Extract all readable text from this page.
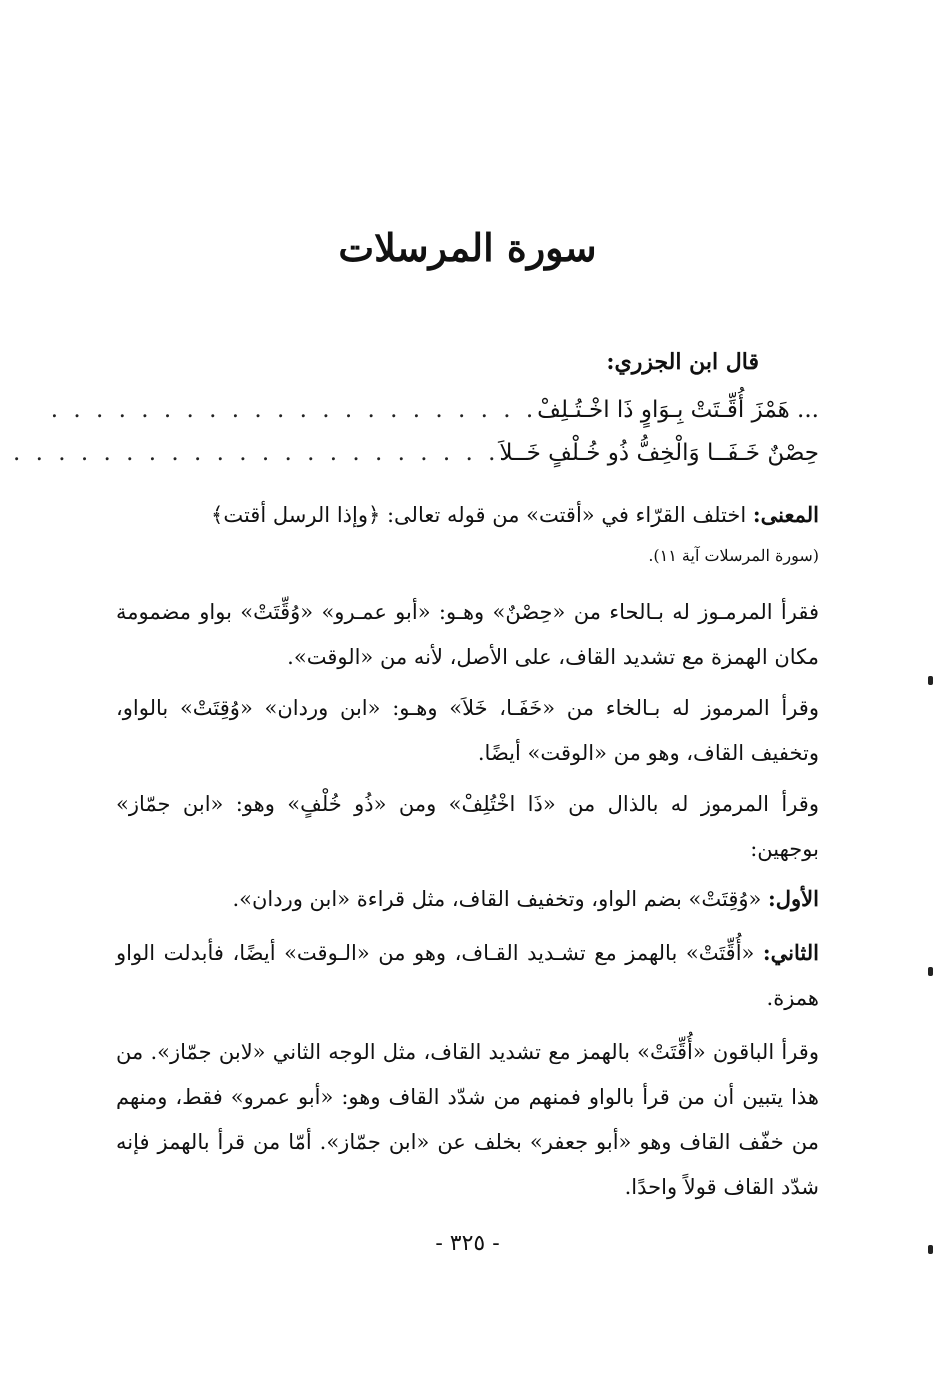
سورة المرسلات
قال ابن الجزري:
... هَمْزَ أُقِّـتَتْ بِـوَاوٍ ذَا اخْـتُـلِفْ
. . . . . . . . . . . . . . . . . . . . . .
حِصْنٌ خَـفَــا وَالْخِفُّ ذُو خُـلْفٍ خَــلاَ
. . . . . . . . . . . . . . . . . . . . . .
المعنى: اختلف القرّاء في «أقتت» من قوله تعالى: ﴿وإذا الرسل أقتت﴾
(سورة المرسلات آية ١١).
فقرأ المرمـوز له بـالحاء من «حِصْنٌ» وهـو: «أبو عمـرو» «وُقِّتَتْ» بواو مضمومة مكان الهمزة مع تشديد القاف، على الأصل، لأنه من «الوقت».
وقرأ المرموز له بـالخاء من «خَفَـا، خَلاَ» وهـو: «ابن وردان» «وُقِتَتْ» بالواو، وتخفيف القاف، وهو من «الوقت» أيضًا.
وقرأ المرموز له بالذال من «ذَا اخْتُلِفْ» ومن «ذُو خُلْفٍ» وهو: «ابن جمّاز» بوجهين:
الأول: «وُقِتَتْ» بضم الواو، وتخفيف القاف، مثل قراءة «ابن وردان».
الثاني: «أُقِّتَتْ» بالهمز مع تشـديد القـاف، وهو من «الـوقت» أيضًا، فأبدلت الواو همزة.
وقرأ الباقون «أُقِّتَتْ» بالهمز مع تشديد القاف، مثل الوجه الثاني «لابن جمّاز». من هذا يتبين أن من قرأ بالواو فمنهم من شدّد القاف وهو: «أبو عمرو» فقط، ومنهم من خفّف القاف وهو «أبو جعفر» بخلف عن «ابن جمّاز». أمّا من قرأ بالهمز فإنه شدّد القاف قولاً واحدًا.
- ٣٢٥ -
